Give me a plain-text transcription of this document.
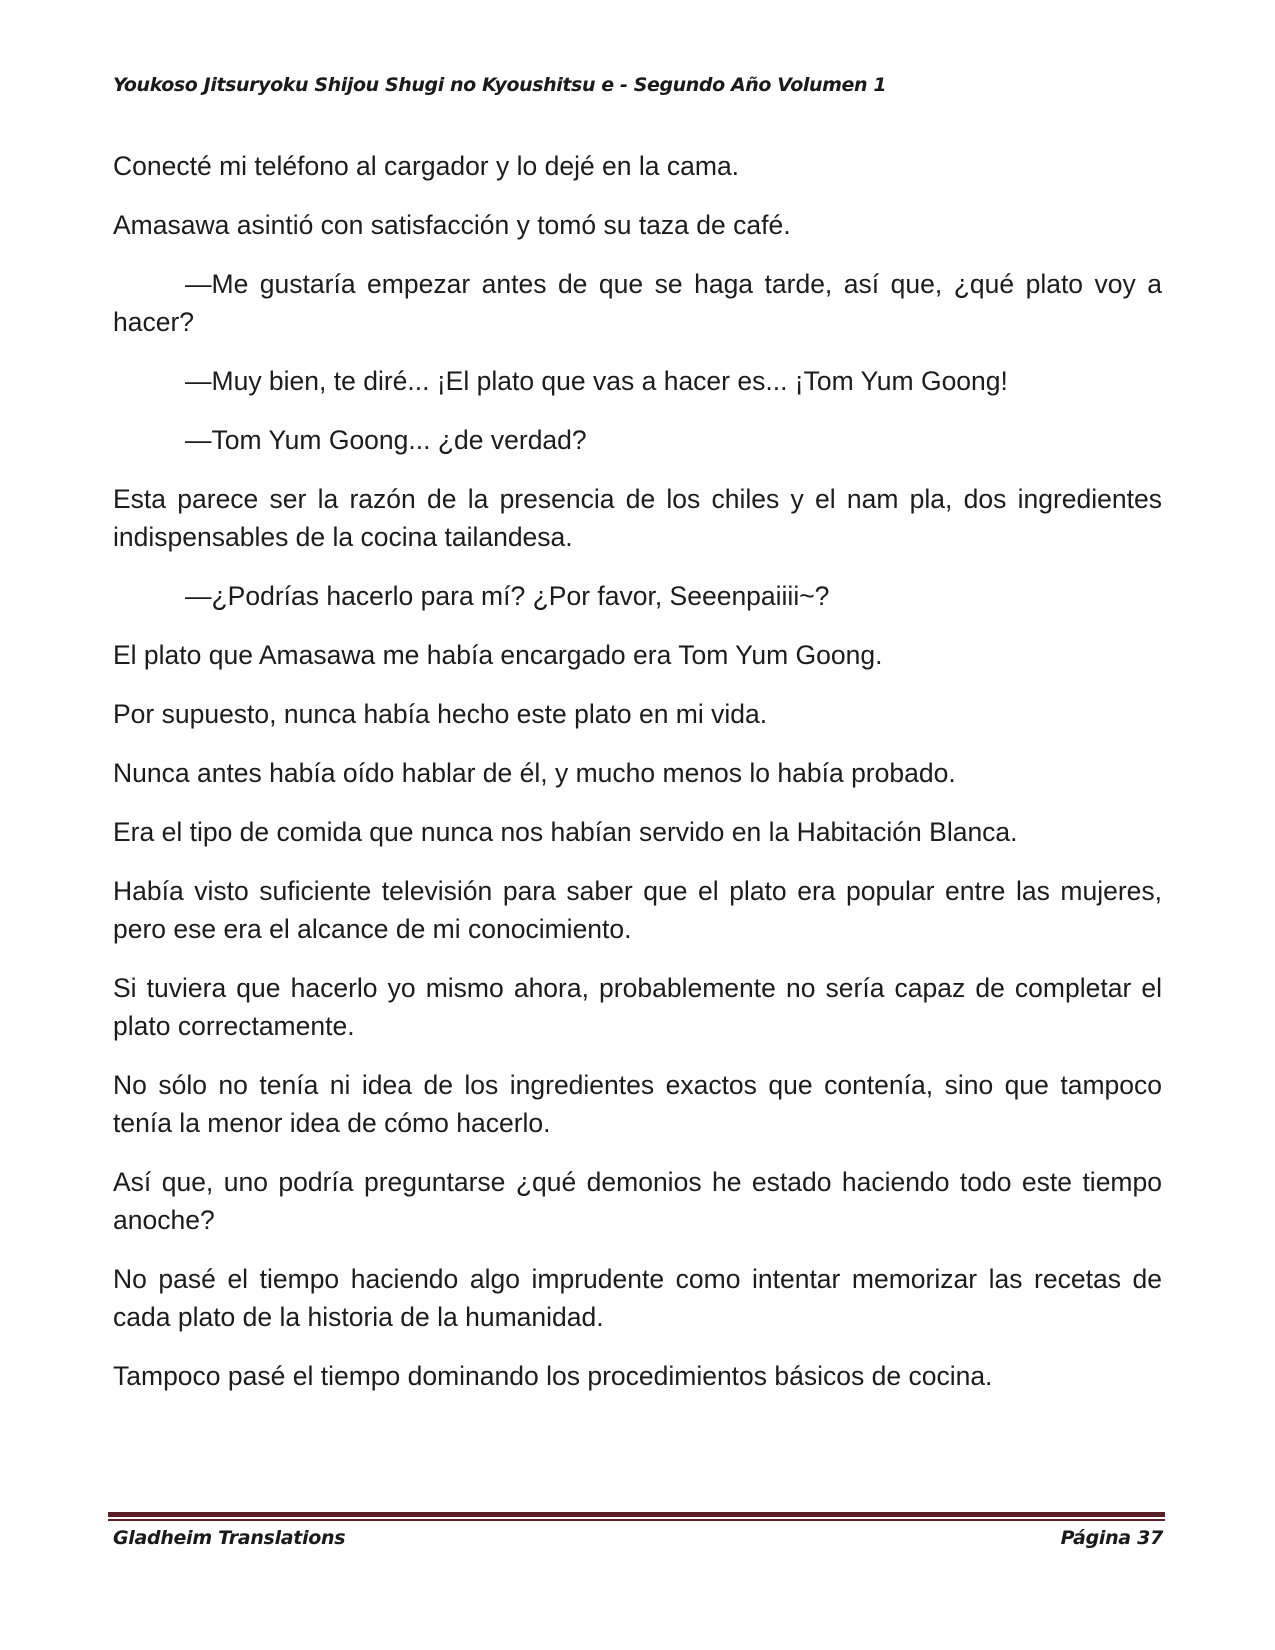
Youkoso Jitsuryoku Shijou Shugi no Kyoushitsu e - Segundo Año Volumen 1

Conecté mi teléfono al cargador y lo dejé en la cama.

Amasawa asintió con satisfacción y tomó su taza de café.

—Me gustaría empezar antes de que se haga tarde, así que, ¿qué plato voy a hacer?

—Muy bien, te diré... ¡El plato que vas a hacer es... ¡Tom Yum Goong!

—Tom Yum Goong... ¿de verdad?

Esta parece ser la razón de la presencia de los chiles y el nam pla, dos ingredientes indispensables de la cocina tailandesa.

—¿Podrías hacerlo para mí? ¿Por favor, Seeenpaiiii~?

El plato que Amasawa me había encargado era Tom Yum Goong.

Por supuesto, nunca había hecho este plato en mi vida.

Nunca antes había oído hablar de él, y mucho menos lo había probado.

Era el tipo de comida que nunca nos habían servido en la Habitación Blanca.

Había visto suficiente televisión para saber que el plato era popular entre las mujeres, pero ese era el alcance de mi conocimiento.

Si tuviera que hacerlo yo mismo ahora, probablemente no sería capaz de completar el plato correctamente.

No sólo no tenía ni idea de los ingredientes exactos que contenía, sino que tampoco tenía la menor idea de cómo hacerlo.

Así que, uno podría preguntarse ¿qué demonios he estado haciendo todo este tiempo anoche?

No pasé el tiempo haciendo algo imprudente como intentar memorizar las recetas de cada plato de la historia de la humanidad.

Tampoco pasé el tiempo dominando los procedimientos básicos de cocina.

Gladheim Translations	Página 37
